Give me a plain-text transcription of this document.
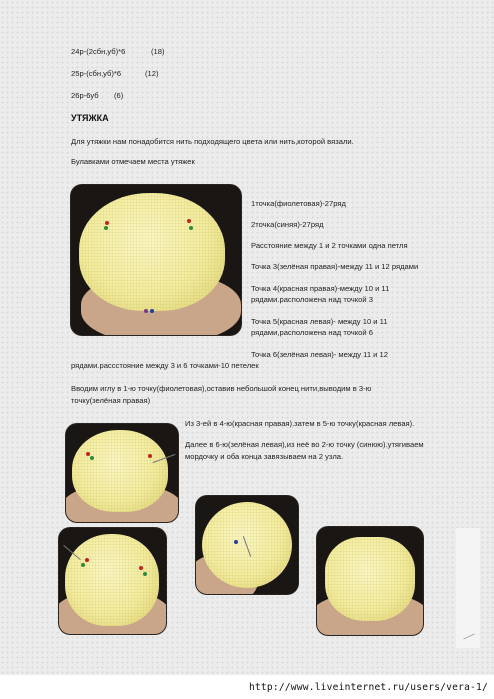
24р-(2сбн,уб)*6	(18)
25р-(сбн,уб)*6	(12)
26р-6уб (6)
УТЯЖКА
Для утяжки нам понадобится нить подходящего цвета или нить,которой вязали.
Булавками отмечаем места утяжек
1точка(фиолетовая)-27ряд
2точка(синяя)-27ряд
Расстояние между 1 и 2 точками одна петля
Точка 3(зелёная правая)-между 11 и 12 рядами
Точка 4(красная правая)-между 10 и 11
рядами.расположена над точкой 3
Точка 5(красная левая)- между 10 и 11
рядами,расположена над точкой 6
Точка 6(зелёная левая)- между 11 и 12
рядами.расcстояние между 3 и 6 точками-10 петелек
Вводим иглу в 1-ю точку(фиолетовая),оставив небольшой конец нити,выводим в 3-ю
точку(зелёная правая)
Из 3-ей в 4-ю(красная правая).затем в 5-ю точку(красная левая).
Далее в 6-ю(зелёная левая),из неё во 2-ю точку (синюю).утягиваем
мордочку и оба конца завязываем на 2 узла.
http://www.liveinternet.ru/users/vera-1/
